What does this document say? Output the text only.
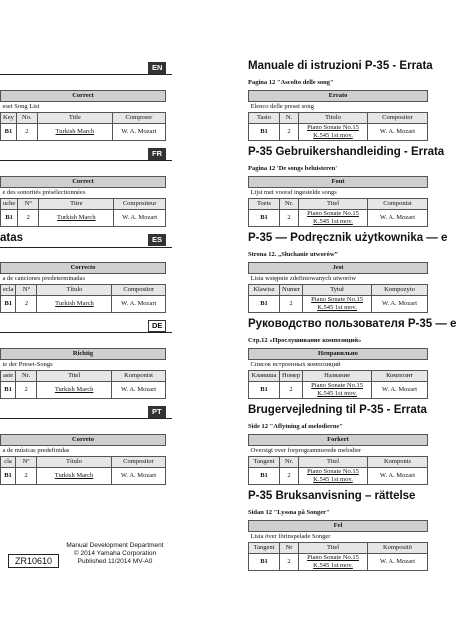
EN
Correct			
eset Song List			
Key	No.	Title	Composer
B1	2	Turkish March	W. A. Mozart
FR
Correct			
e des sonorités présélectionnées			
uche	N°	Titre	Compositeur
B1	2	Turkish March	W. A. Mozart
atas	ES
Correcto			
a de canciones predeterminadas			
ecla	N°	Título	Compositor
B1	2	Turkish March	W. A. Mozart
DE
Richtig			
ie der Preset-Songs			
aste	Nr.	Titel	Komponist
B1	2	Turkish March	W. A. Mozart
PT
Correto			
a de músicas predefinidas			
cla	Nº	Título	Compositor
B1	2	Turkish March	W. A. Mozart
Manual Development Department
© 2014 Yamaha Corporation
Published 11/2014 MV-A0
ZR10610
Manuale di istruzioni P-35 - Errata
Pagina 12 "Ascolto delle song"
Errato			
Elenco delle preset song			
Tasto	N.	Titolo	Compositor
B1	2	Piano Sonate No.15 K.545 1st mov.	W. A. Mozart
P-35 Gebruikershandleiding - Errata
Pagina 12 'De songs beluisteren'
Fout			
Lijst met vooraf ingestelde songs			
Toets	Nr.	Titel	Componist
B1	2	Piano Sonate No.15 K.545 1st mov.	W. A. Mozart
P-35 — Podręcznik użytkownika — e
Strona 12. „Słuchanie utworów”
Jest			
Lista wstępnie zdefiniowanych utworów			
Klawisz	Numer	Tytuł	Kompozyto
B1	2	Piano Sonate No.15 K.545 1st mov.	W. A. Mozart
Руководство пользователя P-35 — е
Стр.12 «Прослушивание композиций»
Неправильно			
Список встроенных композиций			
Клавиша	Номер	Название	Композит
B1	2	Piano Sonate No.15 K.545 1st mov.	W. A. Mozart
Brugervejledning til P-35 - Errata
Side 12 "Aflytning af melodierne"
Forkert			
Oversigt over forprogrammerede melodier			
Tangent	Nr.	Titel	Komponis
B1	2	Piano Sonate No.15 K.545 1st mov.	W. A. Mozart
P-35 Bruksanvisning – rättelse
Sidan 12 "Lyssna på Songer"
Fel			
Lista över förinspelade Songer			
Tangent	Nr	Titel	Kompositö
B1	2	Piano Sonate No.15 K.545 1st mov.	W. A. Mozart
